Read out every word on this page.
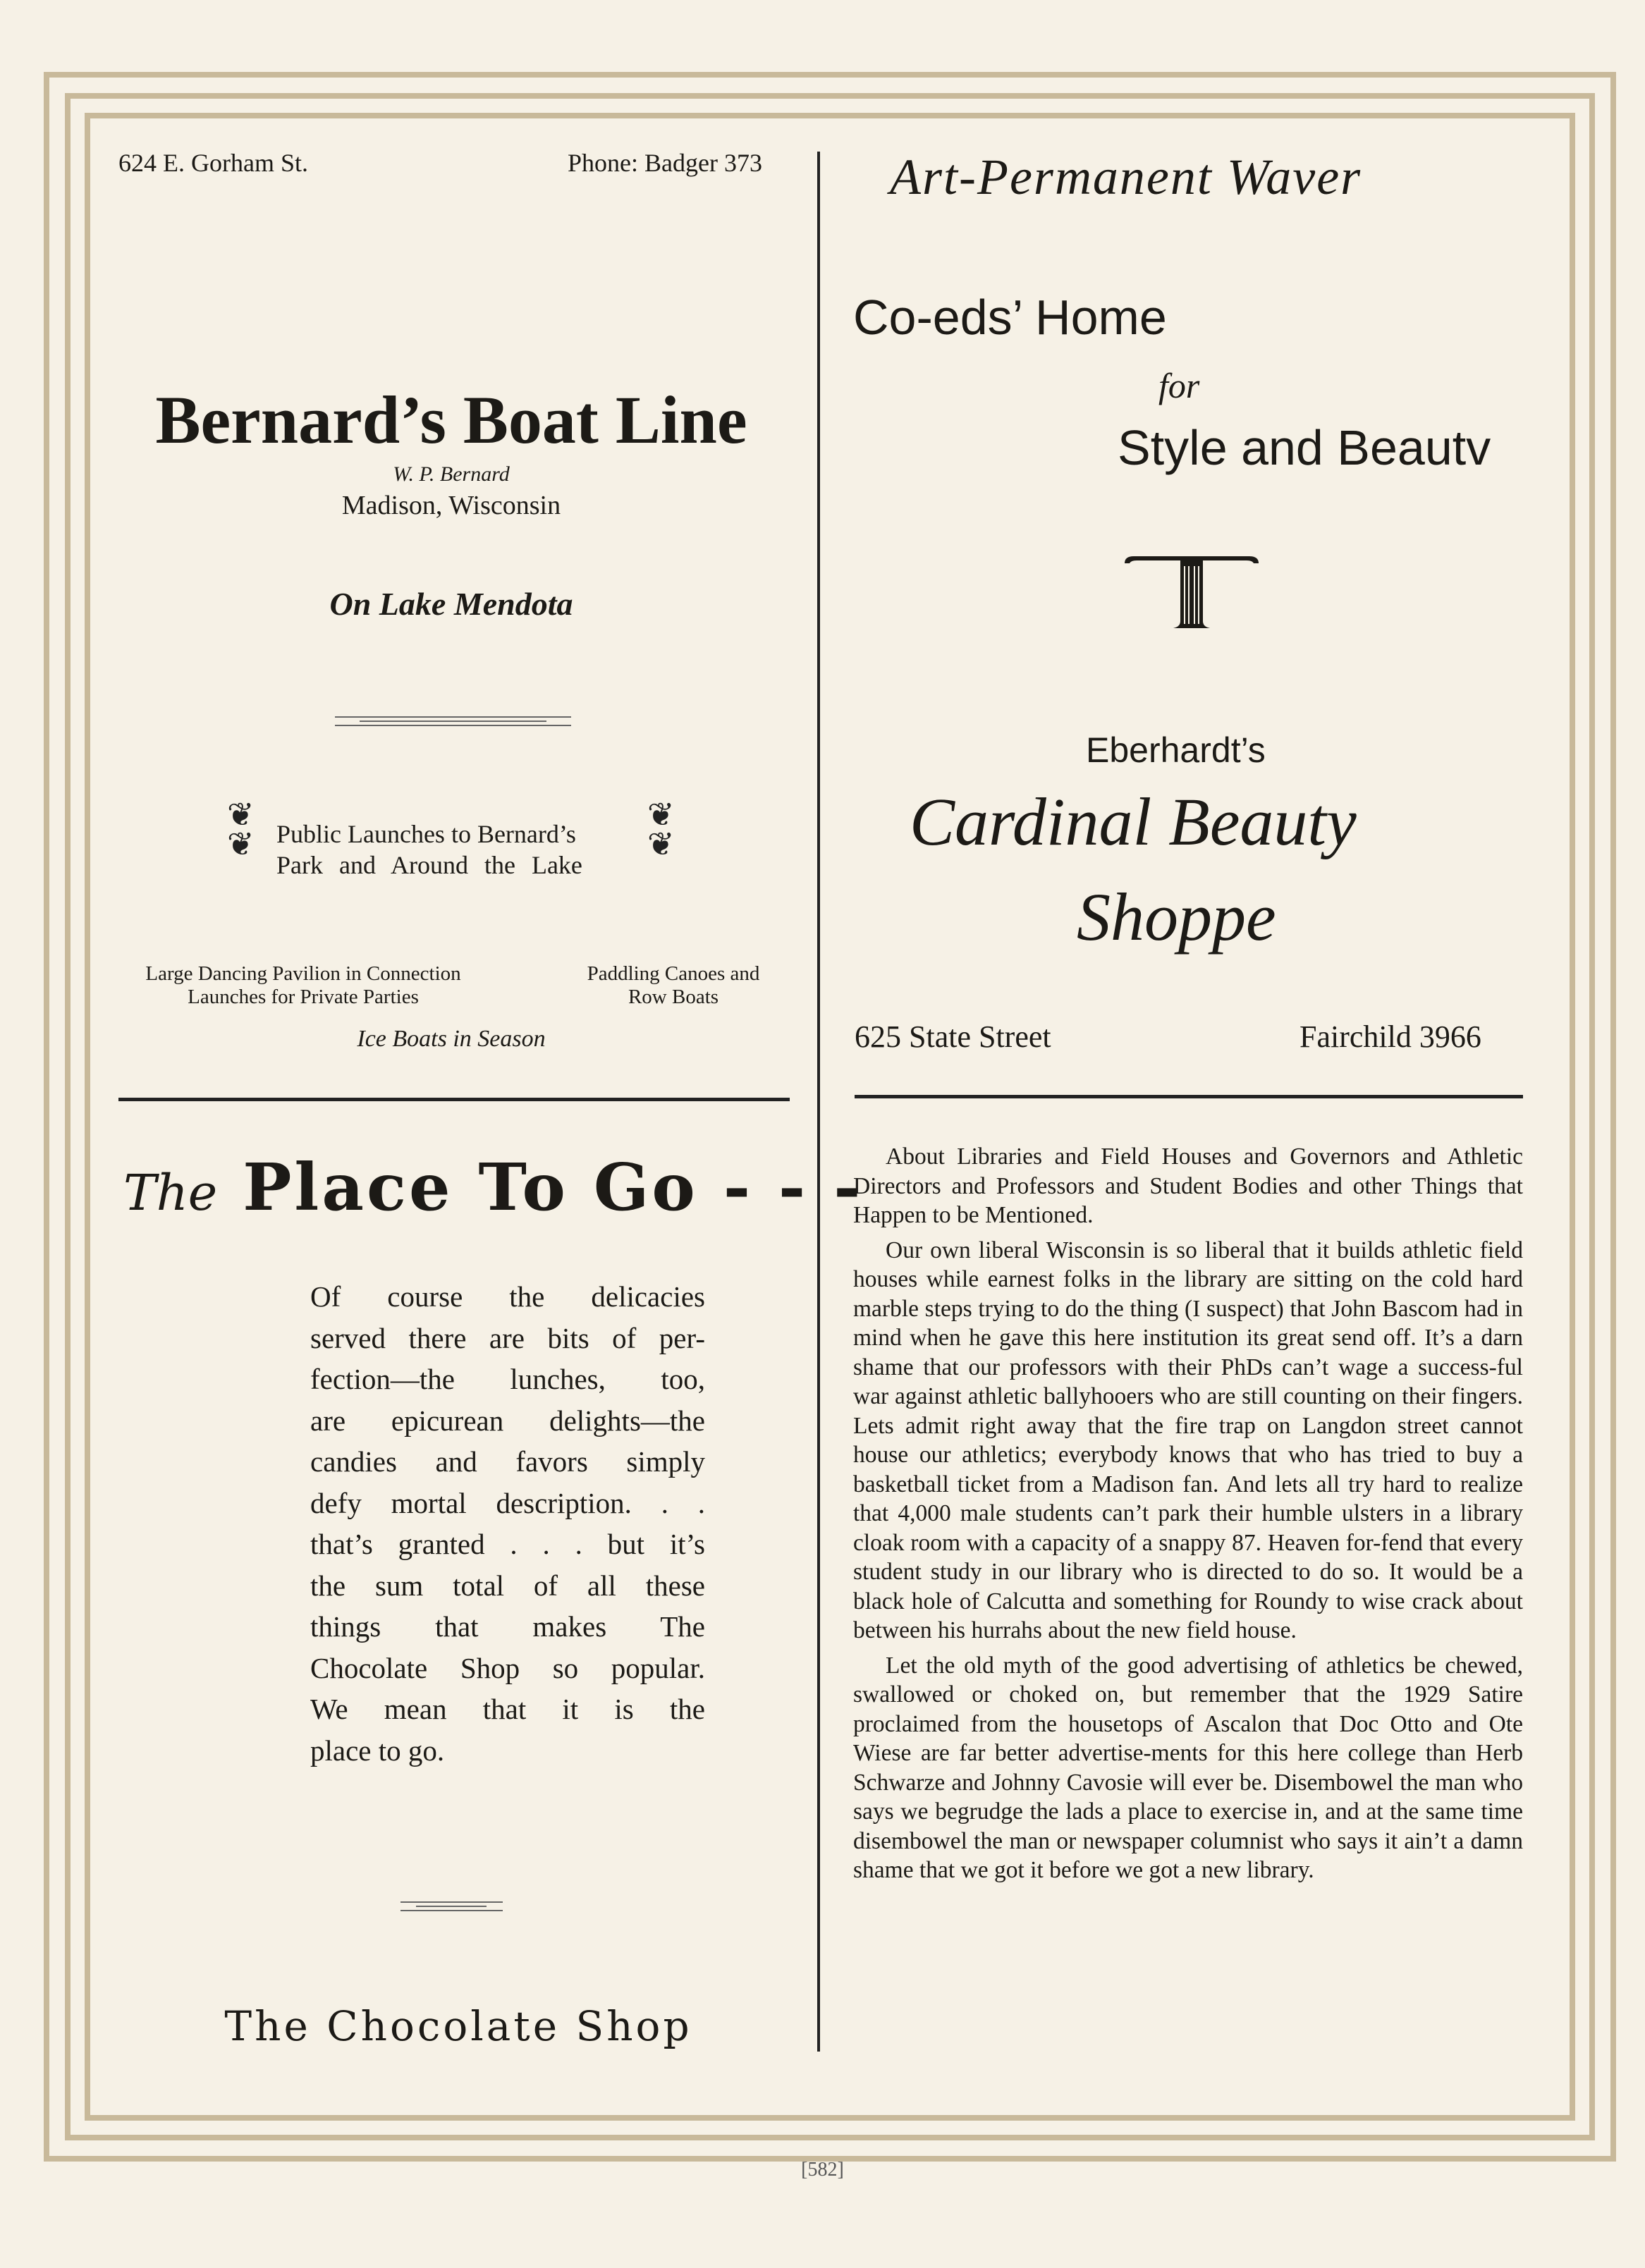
624 E. Gorham St.	Phone: Badger 373
Bernard’s Boat Line
W. P. Bernard
Madison, Wisconsin
On Lake Mendota
❦
❦
❦
❦
Public Launches to Bernard’s
Park and Around the Lake
Large Dancing Pavilion in Connection
Launches for Private Parties
Paddling Canoes and
Row Boats
Ice Boats in Season
Art-Permanent Waver
Co-eds’ Home
for
Style and Beautv
Eberhardt’s
Cardinal Beauty
Shoppe
625 State Street	Fairchild 3966
The Place To Go - - -
Of course the delicacies
served there are bits of per-
fection—the lunches, too,
are epicurean delights—the
candies and favors simply
defy mortal description. . .
that’s granted . . . but it’s
the sum total of all these
things that makes The
Chocolate Shop so popular.
We mean that it is the
place to go.
The Chocolate Shop

About Libraries and Field Houses and Governors and Athletic Directors and Professors and Student Bodies and other Things that Happen to be Mentioned.

Our own liberal Wisconsin is so liberal that it builds athletic field houses while earnest folks in the library are sitting on the cold hard marble steps trying to do the thing (I suspect) that John Bascom had in mind when he gave this here institution its great send off. It’s a darn shame that our professors with their PhDs can’t wage a success-ful war against athletic ballyhooers who are still counting on their fingers. Lets admit right away that the fire trap on Langdon street cannot house our athletics; everybody knows that who has tried to buy a basketball ticket from a Madison fan. And lets all try hard to realize that 4,000 male students can’t park their humble ulsters in a library cloak room with a capacity of a snappy 87. Heaven for-fend that every student study in our library who is directed to do so. It would be a black hole of Calcutta and something for Roundy to wise crack about between his hurrahs about the new field house.

Let the old myth of the good advertising of athletics be chewed, swallowed or choked on, but remember that the 1929 Satire proclaimed from the housetops of Ascalon that Doc Otto and Ote Wiese are far better advertise-ments for this here college than Herb Schwarze and Johnny Cavosie will ever be. Disembowel the man who says we begrudge the lads a place to exercise in, and at the same time disembowel the man or newspaper columnist who says it ain’t a damn shame that we got it before we got a new library.

[582]
